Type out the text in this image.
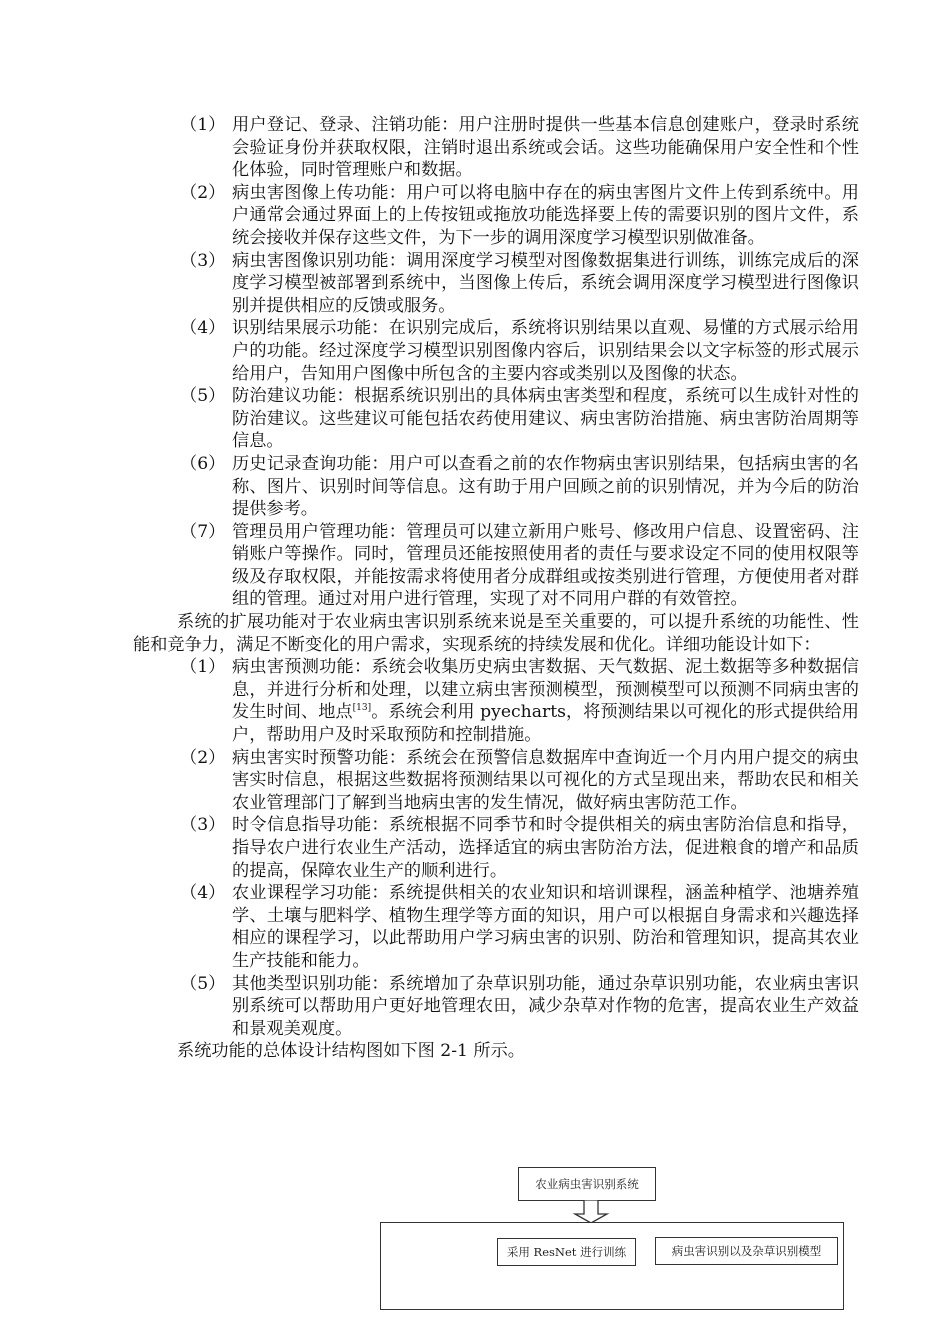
（1） 用户登记、登录、注销功能：用户注册时提供一些基本信息创建账户，登录时系统会验证身份并获取权限，注销时退出系统或会话。这些功能确保用户安全性和个性化体验，同时管理账户和数据。
（2） 病虫害图像上传功能：用户可以将电脑中存在的病虫害图片文件上传到系统中。用户通常会通过界面上的上传按钮或拖放功能选择要上传的需要识别的图片文件，系统会接收并保存这些文件，为下一步的调用深度学习模型识别做准备。
（3） 病虫害图像识别功能：调用深度学习模型对图像数据集进行训练，训练完成后的深度学习模型被部署到系统中，当图像上传后，系统会调用深度学习模型进行图像识别并提供相应的反馈或服务。
（4） 识别结果展示功能：在识别完成后，系统将识别结果以直观、易懂的方式展示给用户的功能。经过深度学习模型识别图像内容后，识别结果会以文字标签的形式展示给用户，告知用户图像中所包含的主要内容或类别以及图像的状态。
（5） 防治建议功能：根据系统识别出的具体病虫害类型和程度，系统可以生成针对性的防治建议。这些建议可能包括农药使用建议、病虫害防治措施、病虫害防治周期等信息。
（6） 历史记录查询功能：用户可以查看之前的农作物病虫害识别结果，包括病虫害的名称、图片、识别时间等信息。这有助于用户回顾之前的识别情况，并为今后的防治提供参考。
（7） 管理员用户管理功能：管理员可以建立新用户账号、修改用户信息、设置密码、注销账户等操作。同时，管理员还能按照使用者的责任与要求设定不同的使用权限等级及存取权限，并能按需求将使用者分成群组或按类别进行管理，方便使用者对群组的管理。通过对用户进行管理，实现了对不同用户群的有效管控。
系统的扩展功能对于农业病虫害识别系统来说是至关重要的，可以提升系统的功能性、性能和竞争力，满足不断变化的用户需求，实现系统的持续发展和优化。详细功能设计如下：
（1） 病虫害预测功能：系统会收集历史病虫害数据、天气数据、泥土数据等多种数据信息，并进行分析和处理，以建立病虫害预测模型，预测模型可以预测不同病虫害的发生时间、地点[13]。系统会利用 pyecharts，将预测结果以可视化的形式提供给用户，帮助用户及时采取预防和控制措施。
（2） 病虫害实时预警功能：系统会在预警信息数据库中查询近一个月内用户提交的病虫害实时信息，根据这些数据将预测结果以可视化的方式呈现出来，帮助农民和相关农业管理部门了解到当地病虫害的发生情况，做好病虫害防范工作。
（3） 时令信息指导功能：系统根据不同季节和时令提供相关的病虫害防治信息和指导，指导农户进行农业生产活动，选择适宜的病虫害防治方法，促进粮食的增产和品质的提高，保障农业生产的顺利进行。
（4） 农业课程学习功能：系统提供相关的农业知识和培训课程，涵盖种植学、池塘养殖学、土壤与肥料学、植物生理学等方面的知识，用户可以根据自身需求和兴趣选择相应的课程学习，以此帮助用户学习病虫害的识别、防治和管理知识，提高其农业生产技能和能力。
（5） 其他类型识别功能：系统增加了杂草识别功能，通过杂草识别功能，农业病虫害识别系统可以帮助用户更好地管理农田，减少杂草对作物的危害，提高农业生产效益和景观美观度。
系统功能的总体设计结构图如下图 2-1 所示。
农业病虫害识别系统
采用 ResNet 进行训练	病虫害识别以及杂草识别模型
